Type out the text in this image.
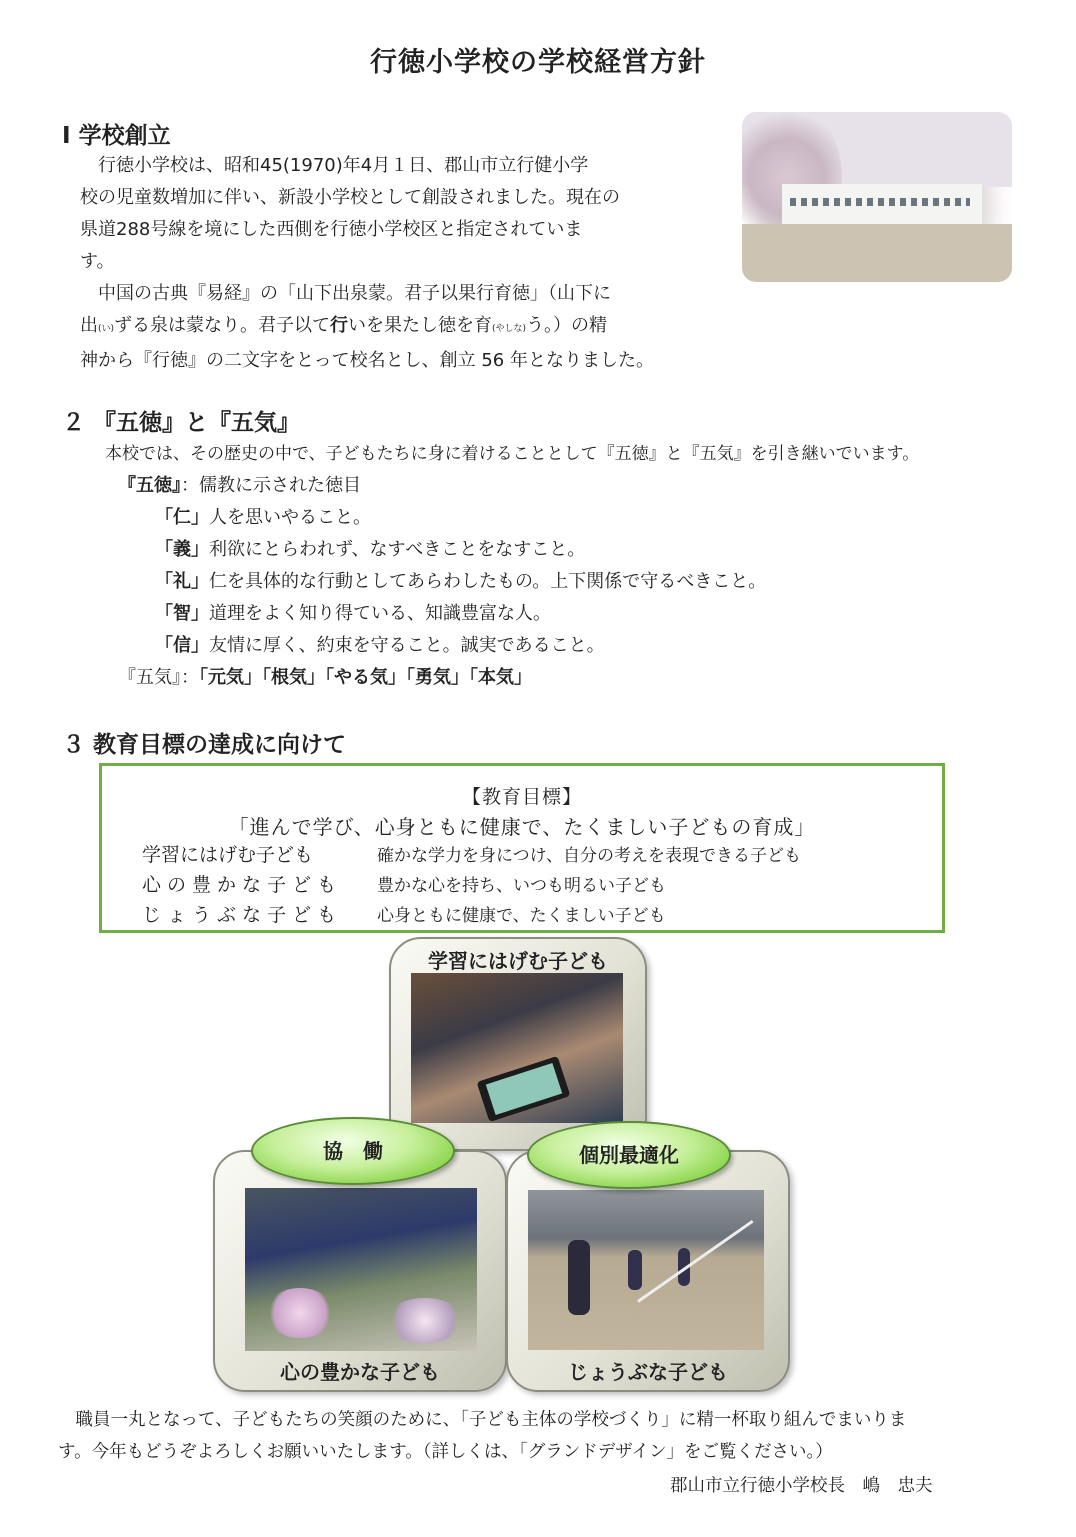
行徳小学校の学校経営方針
Ⅰ 学校創立
　行徳小学校は、昭和45(1970)年4月１日、郡山市立行健小学
校の児童数増加に伴い、新設小学校として創設されました。現在の
県道288号線を境にした西側を行徳小学校区と指定されていま
す。
　中国の古典『易経』の「山下出泉蒙。君子以果行育徳」（山下に
出(い)ずる泉は蒙なり。君子以て行いを果たし徳を育(やしな)う。）の精
神から『行徳』の二文字をとって校名とし、創立 56 年となりました。
２ 『五徳』と『五気』
本校では、その歴史の中で、子どもたちに身に着けることとして『五徳』と『五気』を引き継いでいます。
『五徳』：儒教に示された徳目
「仁」人を思いやること。
「義」利欲にとらわれず、なすべきことをなすこと。
「礼」仁を具体的な行動としてあらわしたもの。上下関係で守るべきこと。
「智」道理をよく知り得ている、知識豊富な人。
「信」友情に厚く、約束を守ること。誠実であること。
『五気』：「元気」「根気」「やる気」「勇気」「本気」
３ 教育目標の達成に向けて
【教育目標】
「進んで学び、心身ともに健康で、たくましい子どもの育成」
学習にはげむ子ども	確かな学力を身につけ、自分の考えを表現できる子ども
心の豊かな子ども 豊かな心を持ち、いつも明るい子ども
じょうぶな子ども 心身ともに健康で、たくましい子ども
学習にはげむ子ども
心の豊かな子ども	じょうぶな子ども
協　働	個別最適化
　職員一丸となって、子どもたちの笑顔のために、「子ども主体の学校づくり」に精一杯取り組んでまいりま
す。今年もどうぞよろしくお願いいたします。（詳しくは、「グランドデザイン」をご覧ください。）
郡山市立行徳小学校長　嶋　忠夫
